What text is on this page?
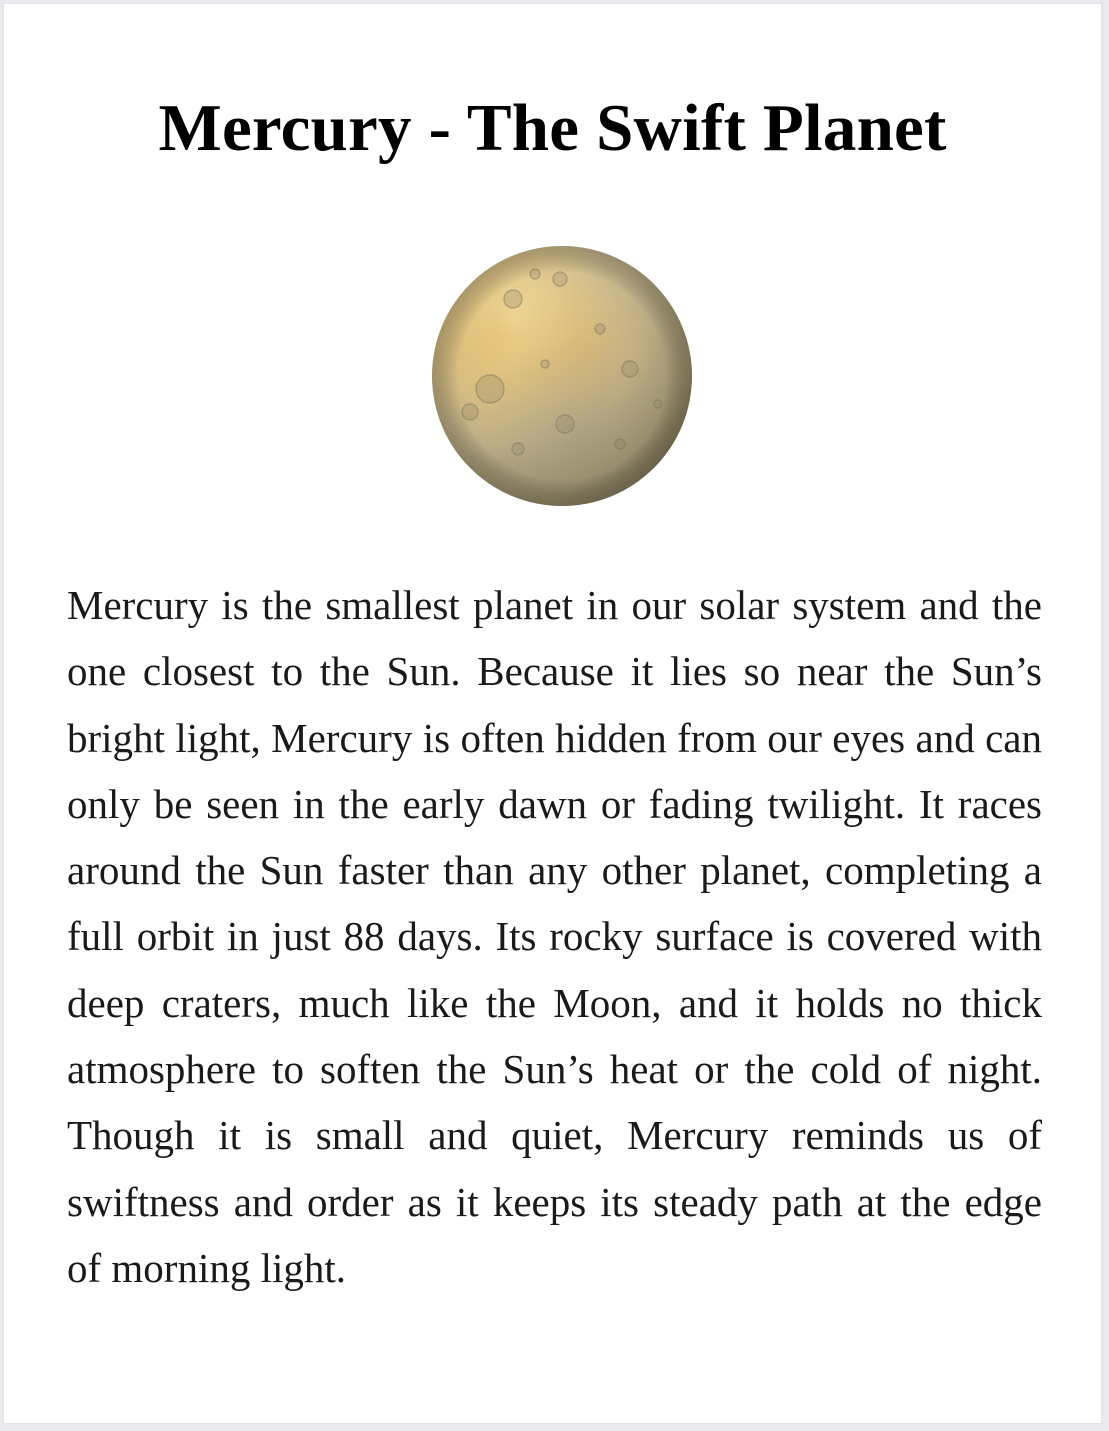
Mercury - The Swift Planet

Mercury is the smallest planet in our solar system and the one closest to the Sun. Because it lies so near the Sun’s bright light, Mercury is often hidden from our eyes and can only be seen in the early dawn or fading twilight. It races around the Sun faster than any other planet, completing a full orbit in just 88 days. Its rocky surface is covered with deep craters, much like the Moon, and it holds no thick atmosphere to soften the Sun’s heat or the cold of night. Though it is small and quiet, Mercury reminds us of swiftness and order as it keeps its steady path at the edge of morning light.
